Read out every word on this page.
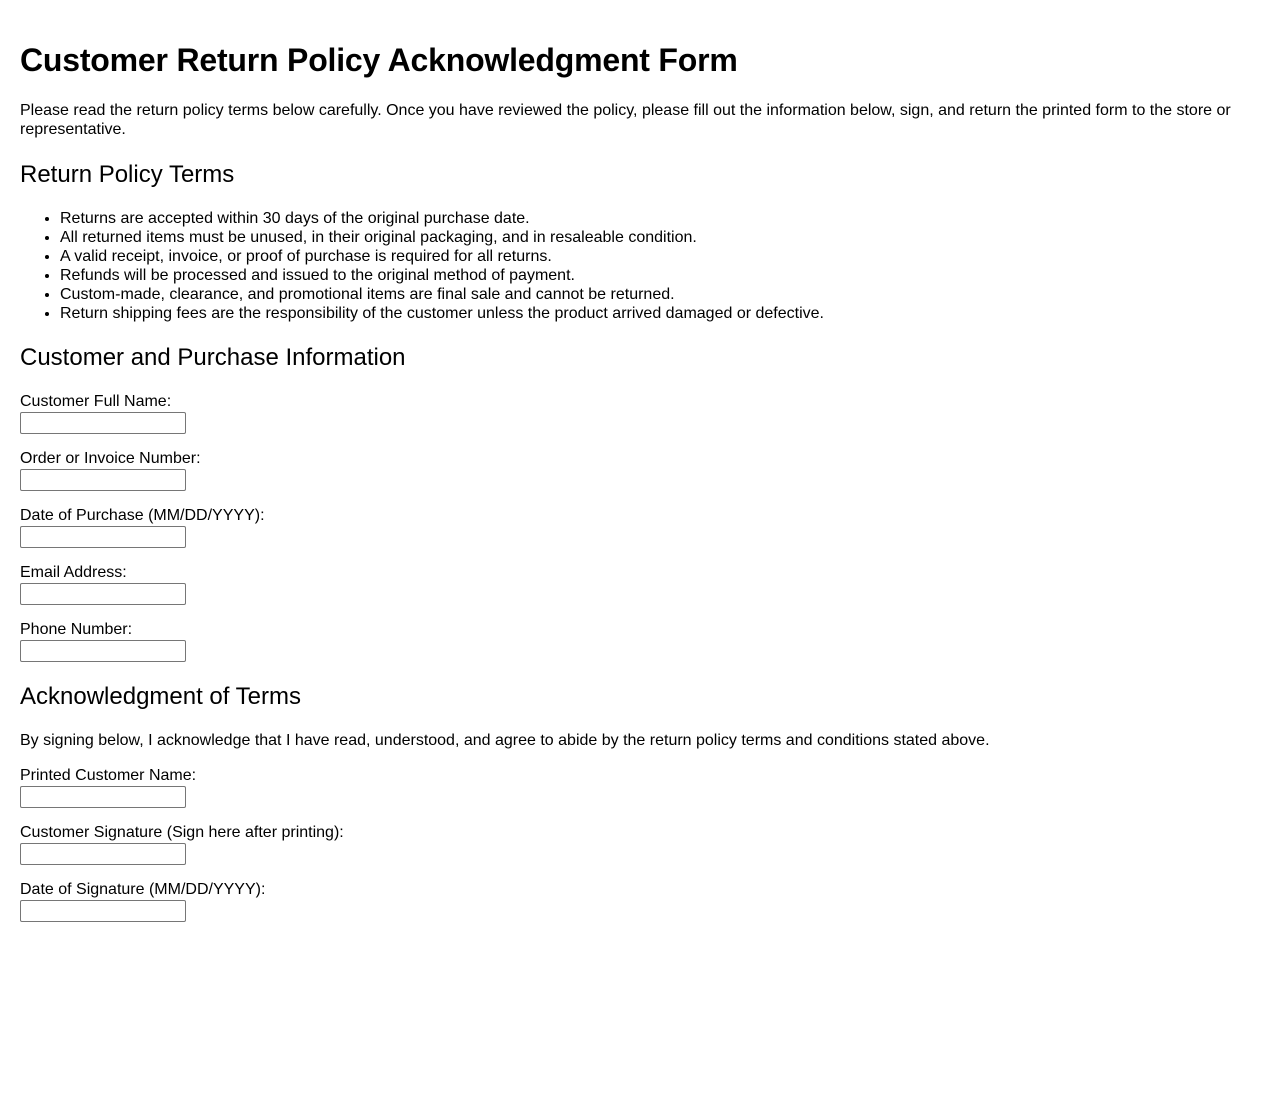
Customer Return Policy Acknowledgment Form

Please read the return policy terms below carefully. Once you have reviewed the policy, please fill out the information below, sign, and return the printed form to the store or representative.

Return Policy Terms
• Returns are accepted within 30 days of the original purchase date.
• All returned items must be unused, in their original packaging, and in resaleable condition.
• A valid receipt, invoice, or proof of purchase is required for all returns.
• Refunds will be processed and issued to the original method of payment.
• Custom-made, clearance, and promotional items are final sale and cannot be returned.
• Return shipping fees are the responsibility of the customer unless the product arrived damaged or defective.
Customer and Purchase Information
Customer Full Name:
Order or Invoice Number:
Date of Purchase (MM/DD/YYYY):
Email Address:
Phone Number:
Acknowledgment of Terms

By signing below, I acknowledge that I have read, understood, and agree to abide by the return policy terms and conditions stated above.

Printed Customer Name:
Customer Signature (Sign here after printing):
Date of Signature (MM/DD/YYYY):
